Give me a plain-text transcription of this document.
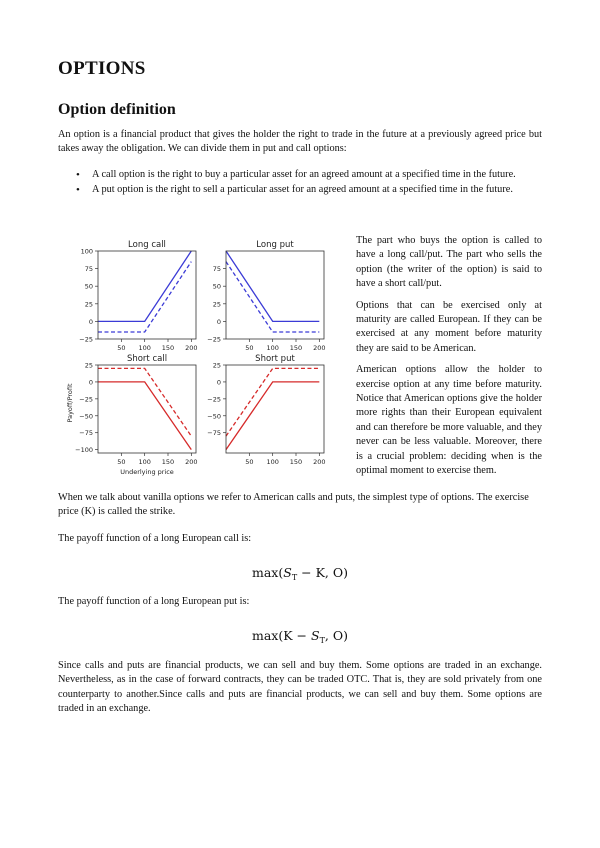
OPTIONS
Option definition

An option is a financial product that gives the holder the right to trade in the future at a previously agreed price but takes away the obligation. We can divide them in put and call options:

• A call option is the right to buy a particular asset for an agreed amount at a specified time in the future.
• A put option is the right to sell a particular asset for an agreed amount at a specified time in the future.
Long call
−25
0
25
50
75
100
50 100 150 200
Long put
−25
0
25
50
75
50 100 150 200
Short call
−100
−75
−50
−25
0
25
50 100 150 200
Underlying price
Payoff/Profit
Short put
−75
−50
−25
0
25
50 100 150 200

The part who buys the option is called to have a long call/put. The part who sells the option (the writer of the option) is said to have a short call/put.

Options that can be exercised only at maturity are called European. If they can be exercised at any moment before maturity they are said to be American.

American options allow the holder to exercise option at any time before maturity. Notice that American options give the holder more rights than their European equivalent and can therefore be more valuable, and they never can be less valuable. Moreover, there is a crucial problem: deciding when is the optimal moment to exercise them.

When we talk about vanilla options we refer to American calls and puts, the simplest type of options. The exercise price (K) is called the strike.

The payoff function of a long European call is:

$\max(S_T - K$, O)

The payoff function of a long European put is:

$\max(K - S_T$, O)

Since calls and puts are financial products, we can sell and buy them. Some options are traded in an exchange. Nevertheless, as in the case of forward contracts, they can be traded OTC. That is, they are sold privately from one counterparty to another.Since calls and puts are financial products, we can sell and buy them. Some options are traded in an exchange.
